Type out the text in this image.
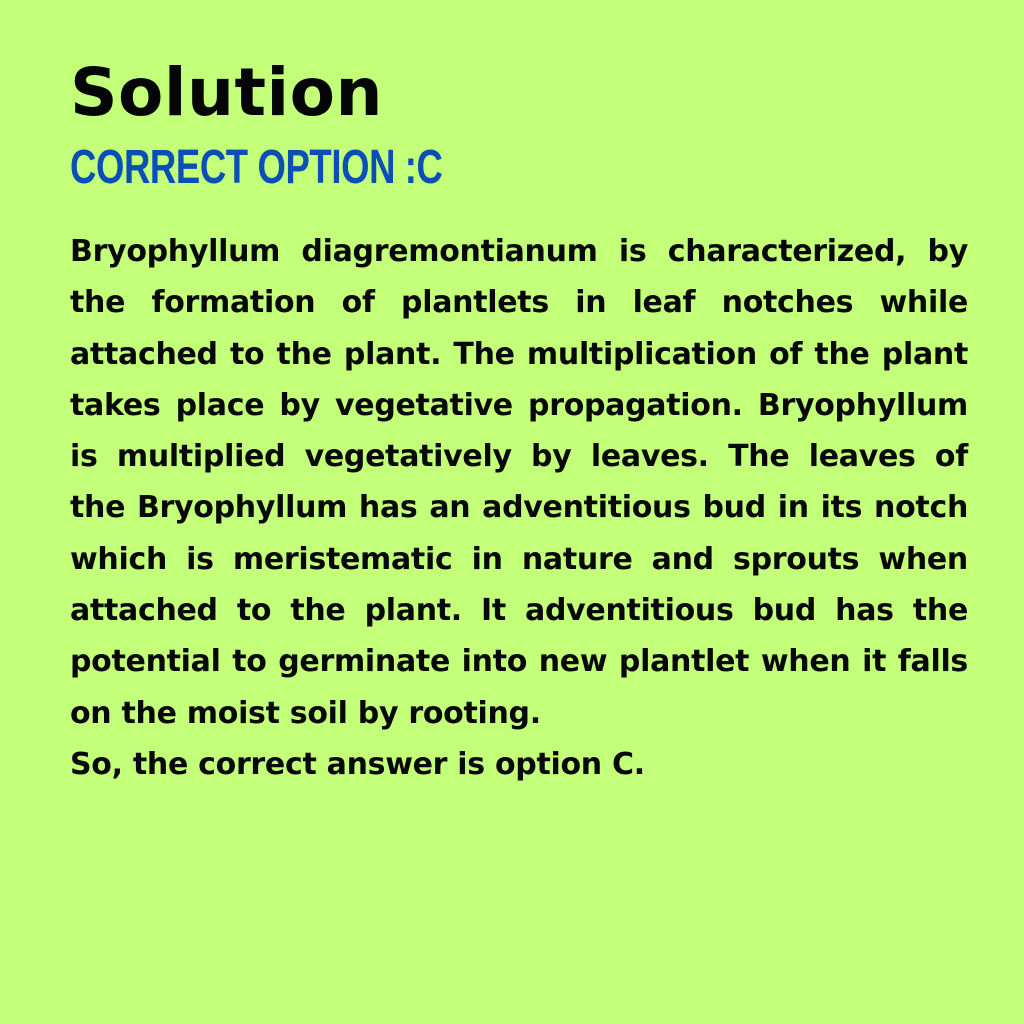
Solution
CORRECT OPTION :C

Bryophyllum diagremontianum is characterized, by the formation of plantlets in leaf notches while attached to the plant. The multiplication of the plant takes place by vegetative propagation. Bryophyllum is multiplied vegetatively by leaves. The leaves of the Bryophyllum has an adventitious bud in its notch which is meristematic in nature and sprouts when attached to the plant. It adventitious bud has the potential to germinate into new plantlet when it falls on the moist soil by rooting.

So, the correct answer is option C.
